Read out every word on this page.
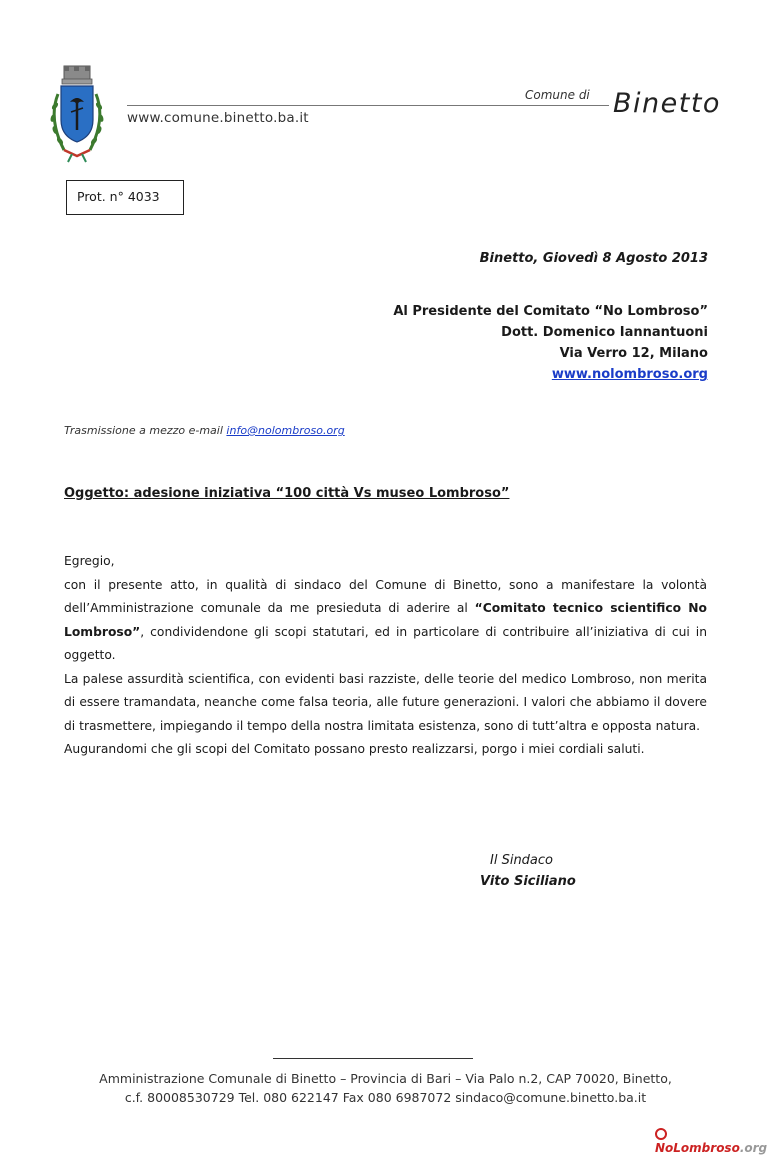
www.comune.binetto.ba.it
Comune di Binetto
Prot. n° 4033
Binetto, Giovedì 8 Agosto 2013
Al Presidente del Comitato “No Lombroso”
Dott. Domenico Iannantuoni
Via Verro 12, Milano
www.nolombroso.org
Trasmissione a mezzo e-mail info@nolombroso.org
Oggetto: adesione iniziativa “100 città Vs museo Lombroso”

Egregio,

con il presente atto, in qualità di sindaco del Comune di Binetto, sono a manifestare la volontà dell’Amministrazione comunale da me presieduta di aderire al “Comitato tecnico scientifico No Lombroso”, condividendone gli scopi statutari, ed in particolare di contribuire all’iniziativa di cui in oggetto.

La palese assurdità scientifica, con evidenti basi razziste, delle teorie del medico Lombroso, non merita di essere tramandata, neanche come falsa teoria, alle future generazioni. I valori che abbiamo il dovere di trasmettere, impiegando il tempo della nostra limitata esistenza, sono di tutt’altra e opposta natura.

Augurandomi che gli scopi del Comitato possano presto realizzarsi, porgo i miei cordiali saluti.

Il Sindaco
Vito Siciliano
Amministrazione Comunale di Binetto – Provincia di Bari – Via Palo n.2, CAP 70020, Binetto,
c.f. 80008530729 Tel. 080 622147 Fax 080 6987072 sindaco@comune.binetto.ba.it
NoLombroso.org
